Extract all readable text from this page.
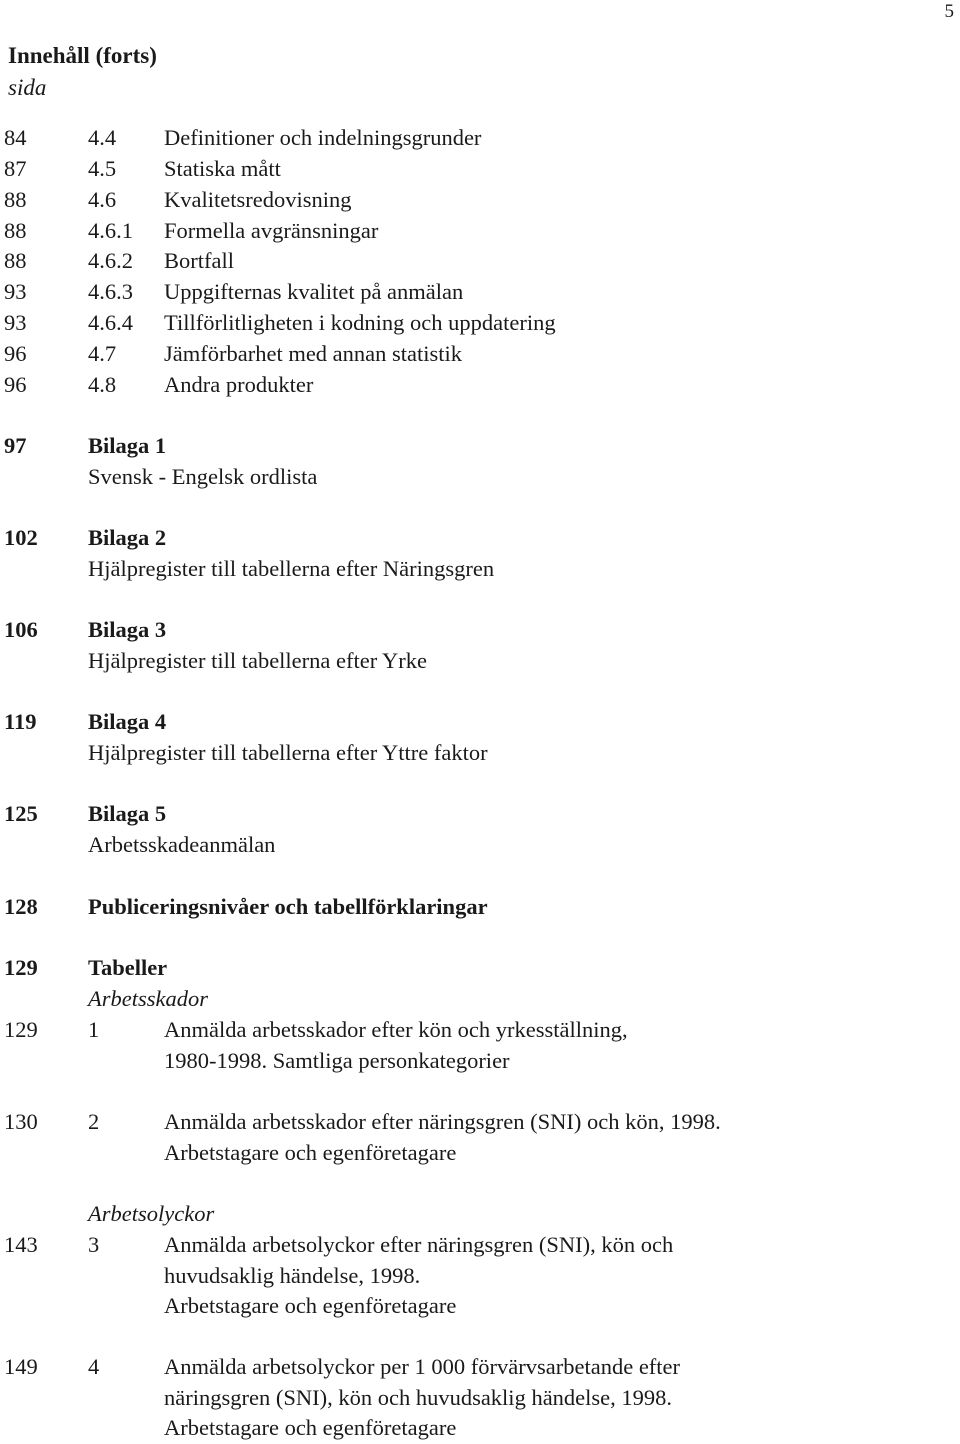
5
Innehåll (forts)
sida
84	4.4 Definitioner och indelningsgrunder
87	4.5 Statiska mått
88	4.6 Kvalitetsredovisning
88	4.6.1 Formella avgränsningar
88	4.6.2 Bortfall
93	4.6.3 Uppgifternas kvalitet på anmälan
93	4.6.4 Tillförlitligheten i kodning och uppdatering
96	4.7 Jämförbarhet med annan statistik
96	4.8 Andra produkter
97	Bilaga 1
Svensk - Engelsk ordlista
102 Bilaga 2
Hjälpregister till tabellerna efter Näringsgren
106 Bilaga 3
Hjälpregister till tabellerna efter Yrke
119 Bilaga 4
Hjälpregister till tabellerna efter Yttre faktor
125 Bilaga 5
Arbetsskadeanmälan
128 Publiceringsnivåer och tabellförklaringar
129 Tabeller
Arbetsskador
129 1	Anmälda arbetsskador efter kön och yrkesställning,
1980-1998. Samtliga personkategorier
130 2	Anmälda arbetsskador efter näringsgren (SNI) och kön, 1998.
Arbetstagare och egenföretagare
Arbetsolyckor
143 3	Anmälda arbetsolyckor efter näringsgren (SNI), kön och
huvudsaklig händelse, 1998.
Arbetstagare och egenföretagare
149 4	Anmälda arbetsolyckor per 1 000 förvärvsarbetande efter
näringsgren (SNI), kön och huvudsaklig händelse, 1998.
Arbetstagare och egenföretagare
